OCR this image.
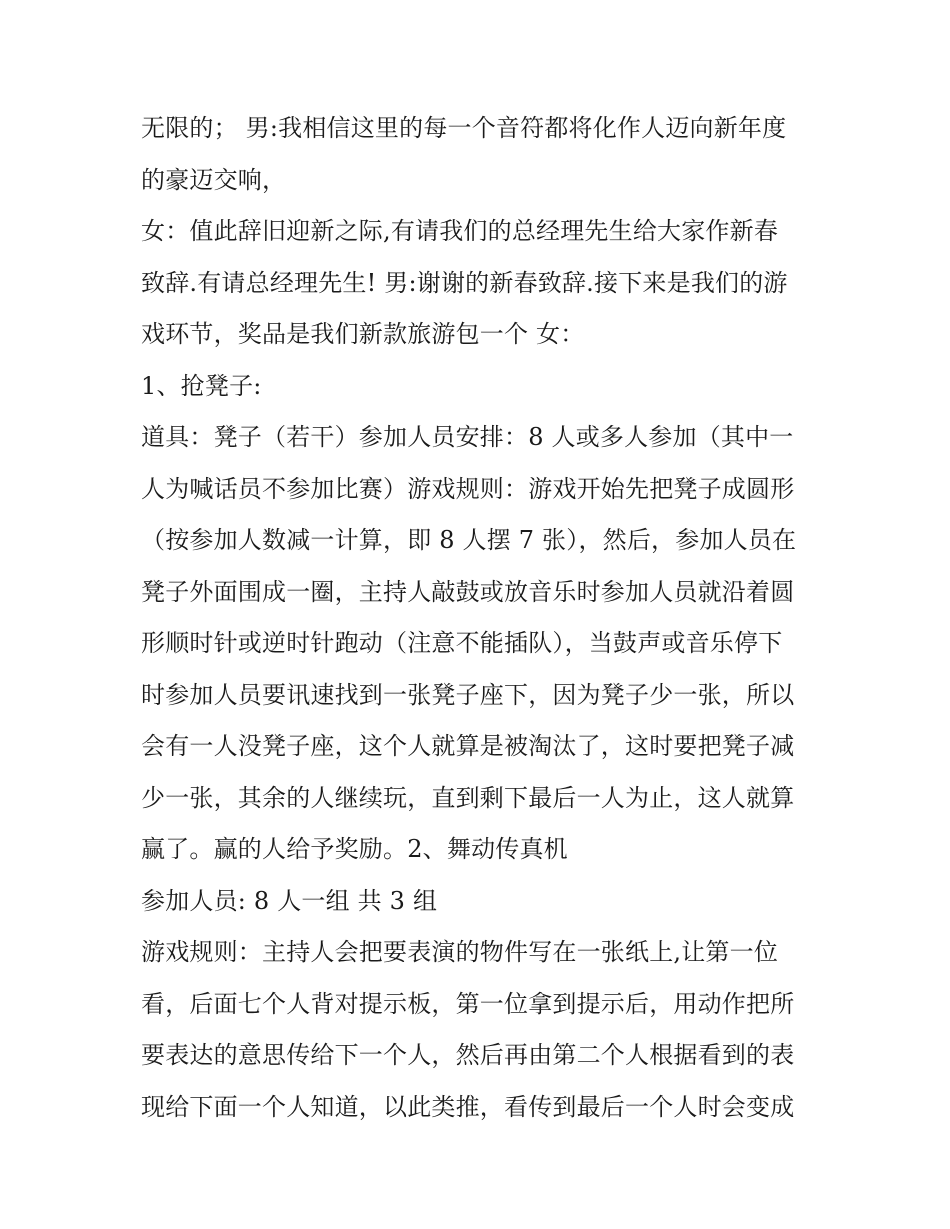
无限的； 男:我相信这里的每一个音符都将化作人迈向新年度
的豪迈交响，
女：值此辞旧迎新之际,有请我们的总经理先生给大家作新春
致辞.有请总经理先生! 男:谢谢的新春致辞.接下来是我们的游
戏环节，奖品是我们新款旅游包一个 女：
1、抢凳子:
道具：凳子（若干）参加人员安排：8 人或多人参加（其中一
人为喊话员不参加比赛）游戏规则：游戏开始先把凳子成圆形
（按参加人数减一计算，即 8 人摆 7 张），然后，参加人员在
凳子外面围成一圈，主持人敲鼓或放音乐时参加人员就沿着圆
形顺时针或逆时针跑动（注意不能插队），当鼓声或音乐停下
时参加人员要讯速找到一张凳子座下，因为凳子少一张，所以
会有一人没凳子座，这个人就算是被淘汰了，这时要把凳子减
少一张，其余的人继续玩，直到剩下最后一人为止，这人就算
赢了。赢的人给予奖励。2、舞动传真机
参加人员: 8 人一组 共 3 组
游戏规则：主持人会把要表演的物件写在一张纸上,让第一位
看，后面七个人背对提示板，第一位拿到提示后，用动作把所
要表达的意思传给下一个人，然后再由第二个人根据看到的表
现给下面一个人知道，以此类推，看传到最后一个人时会变成
